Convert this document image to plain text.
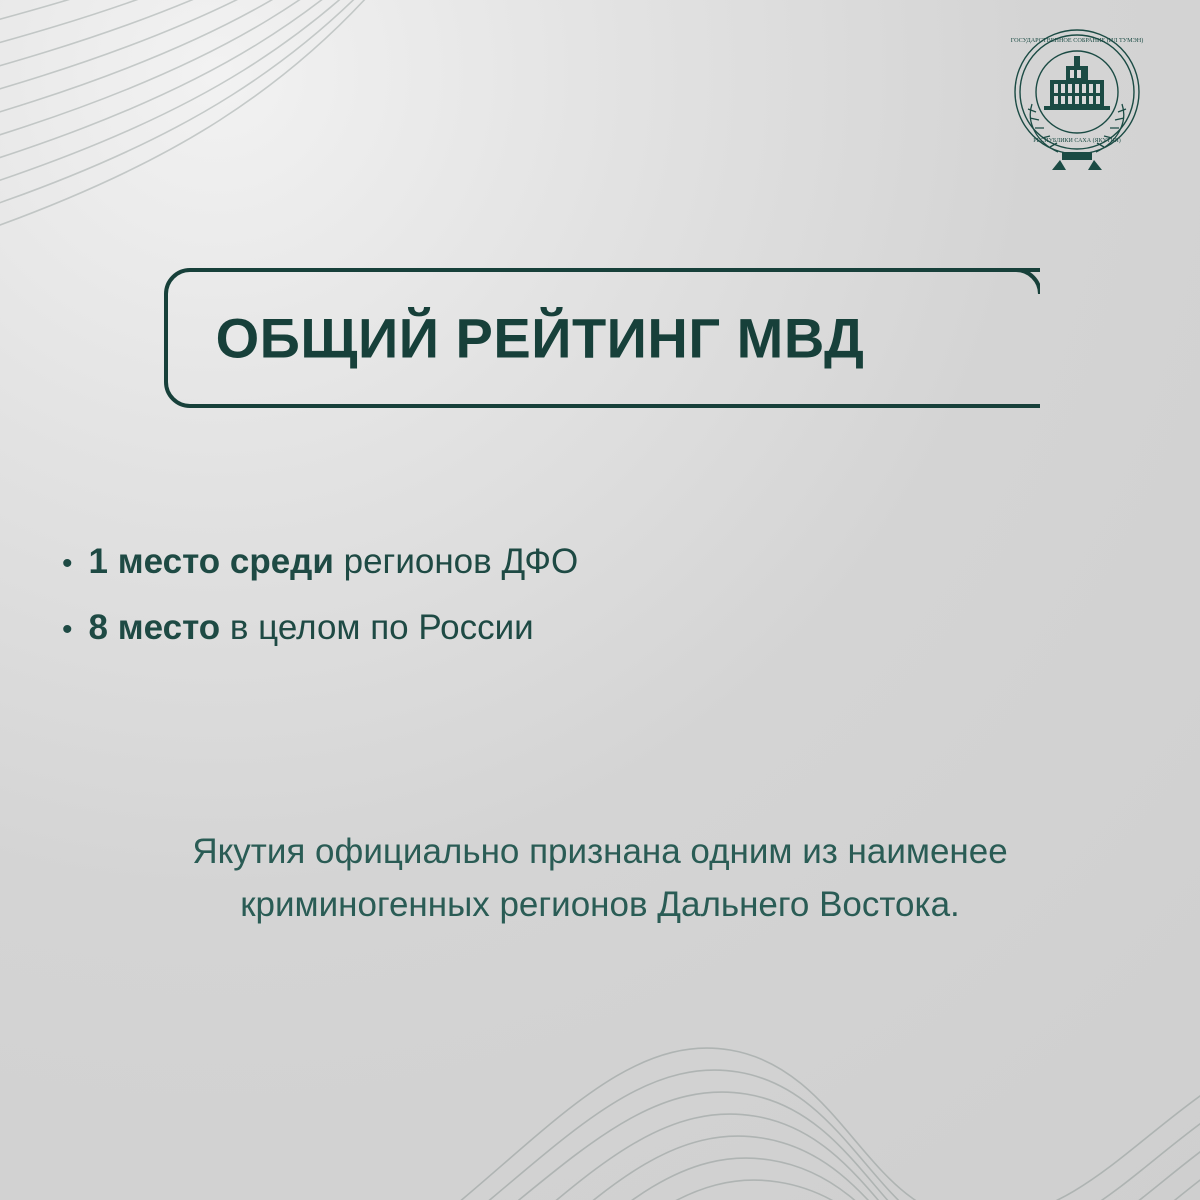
ГОСУДАРСТВЕННОЕ СОБРАНИЕ (ИЛ ТУМЭН)
РЕСПУБЛИКИ САХА (ЯКУТИЯ)
ОБЩИЙ РЕЙТИНГ МВД
• 1 место среди регионов ДФО
• 8 место в целом по России
Якутия официально признана одним из наименее криминогенных регионов Дальнего Востока.
